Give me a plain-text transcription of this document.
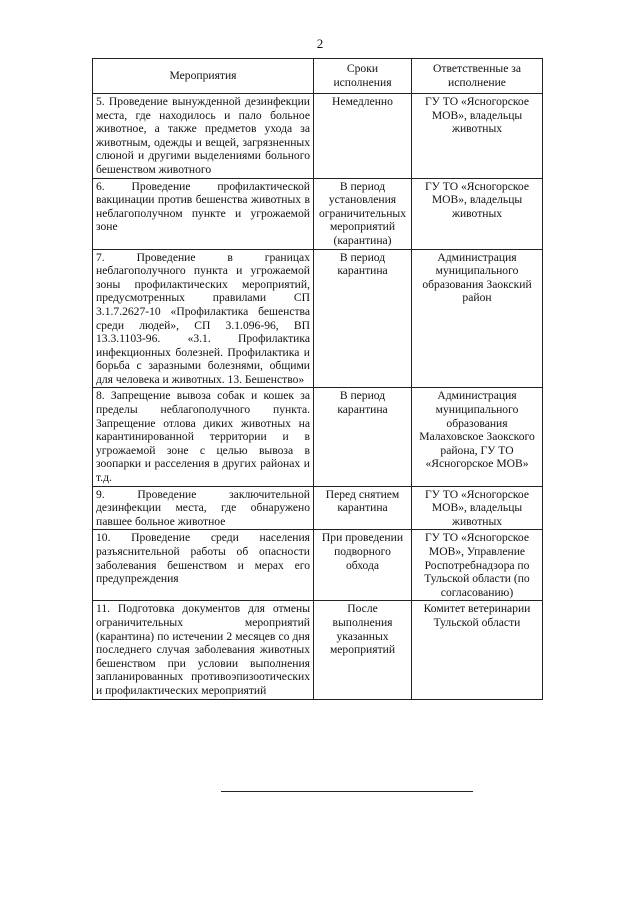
2
Мероприятия	Сроки исполнения	Ответственные за исполнение
5. Проведение вынужденной дезинфекции места, где находилось и пало больное животное, а также предметов ухода за животным, одежды и вещей, загрязненных слюной и другими выделениями больного бешенством животного	Немедленно	ГУ ТО «Ясногорское МОВ», владельцы животных
6. Проведение профилактической вакцинации против бешенства животных в неблагополучном пункте и угрожаемой зоне	В период установления ограничительных мероприятий (карантина)	ГУ ТО «Ясногорское МОВ», владельцы животных
7. Проведение в границах неблагополучного пункта и угрожаемой зоны профилактических мероприятий, предусмотренных правилами СП 3.1.7.2627-10 «Профилактика бешенства среди людей», СП 3.1.096-96, ВП 13.3.1103-96. «3.1. Профилактика инфекционных болезней. Профилактика и борьба с заразными болезнями, общими для человека и животных. 13. Бешенство»	В период карантина	Администрация муниципального образования Заокский район
8. Запрещение вывоза собак и кошек за пределы неблагополучного пункта. Запрещение отлова диких животных на карантинированной территории и в угрожаемой зоне с целью вывоза в зоопарки и расселения в других районах и т.д.	В период карантина	Администрация муниципального образования Малаховское Заокского района, ГУ ТО «Ясногорское МОВ»
9. Проведение заключительной дезинфекции места, где обнаружено павшее больное животное	Перед снятием карантина	ГУ ТО «Ясногорское МОВ», владельцы животных
10. Проведение среди населения разъяснительной работы об опасности заболевания бешенством и мерах его предупреждения	При проведении подворного обхода	ГУ ТО «Ясногорское МОВ», Управление Роспотребнадзора по Тульской области (по согласованию)
11. Подготовка документов для отмены ограничительных мероприятий (карантина) по истечении 2 месяцев со дня последнего случая заболевания животных бешенством при условии выполнения запланированных противоэпизоотических и профилактических мероприятий	После выполнения указанных мероприятий	Комитет ветеринарии Тульской области
